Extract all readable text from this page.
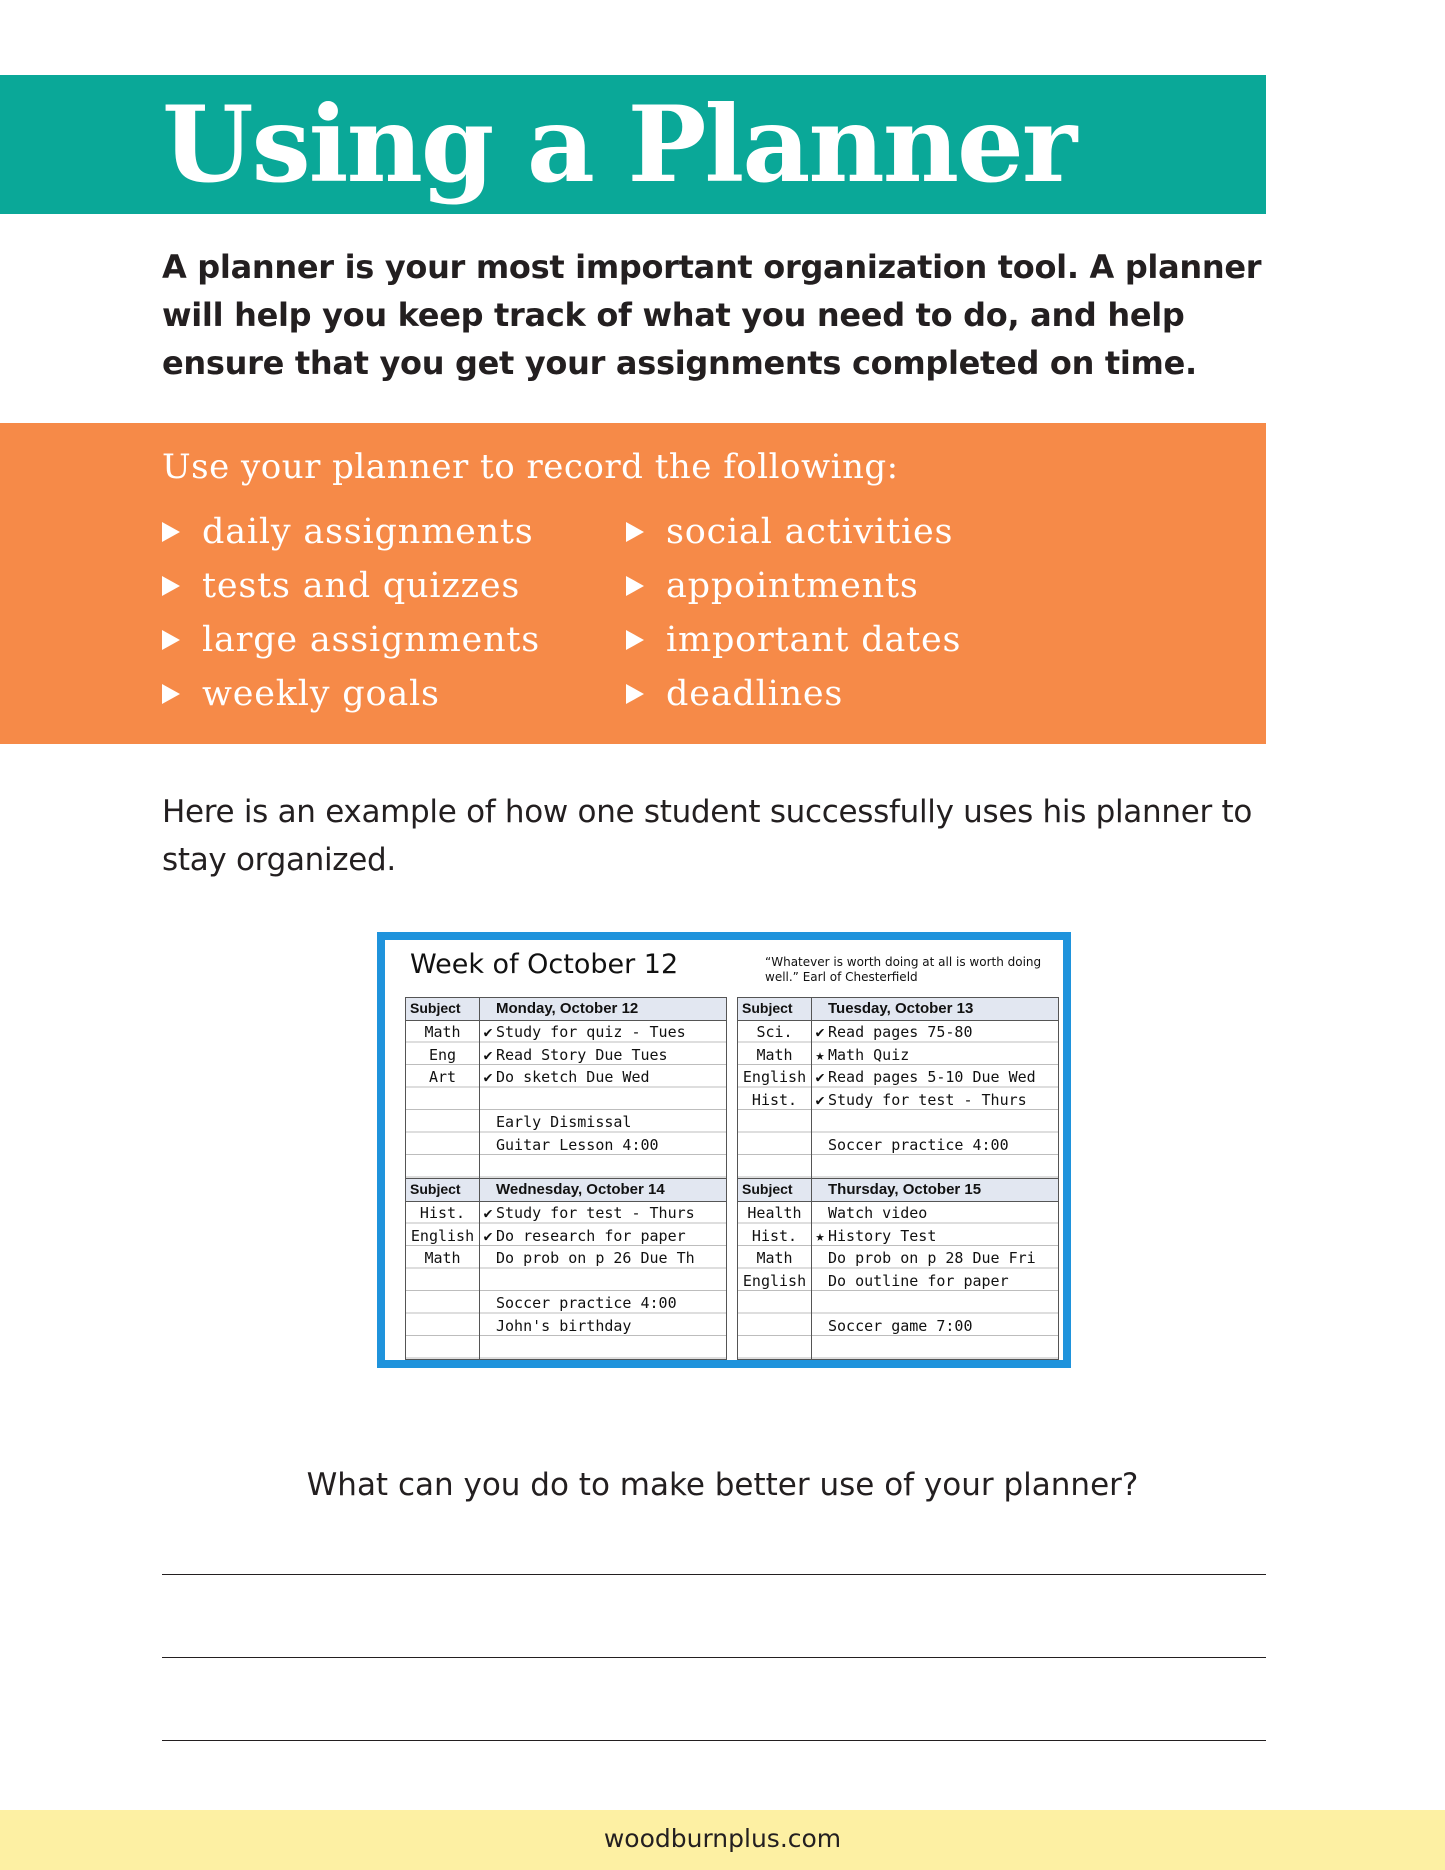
Using a Planner

A planner is your most important organization tool. A planner will help you keep track of what you need to do, and help ensure that you get your assignments completed on time.

Use your planner to record the following:

daily assignments
tests and quizzes
large assignments
weekly goals
social activities
appointments
important dates
deadlines

Here is an example of how one student successfully uses his planner to stay organized.

Week of October 12	“Whatever is worth doing at all is worth doing well.” Earl of Chesterfield
Subject Monday, October 12
Math	✔ Study for quiz - Tues
Eng	✔ Read Story Due Tues
Art	✔ Do sketch Due Wed
Early Dismissal
Guitar Lesson 4:00
Subject Tuesday, October 13
Sci.	✔ Read pages 75-80
Math	★ Math Quiz
English ✔ Read pages 5-10 Due Wed
Hist.	✔ Study for test - Thurs
Soccer practice 4:00
Subject Wednesday, October 14
Hist.	✔ Study for test - Thurs
English ✔ Do research for paper
Math	Do prob on p 26 Due Th
Soccer practice 4:00
John's birthday
Subject Thursday, October 15
Health	Watch video
Hist.	★ History Test
Math	Do prob on p 28 Due Fri
English	Do outline for paper
Soccer game 7:00

What can you do to make better use of your planner?

woodburnplus.com
